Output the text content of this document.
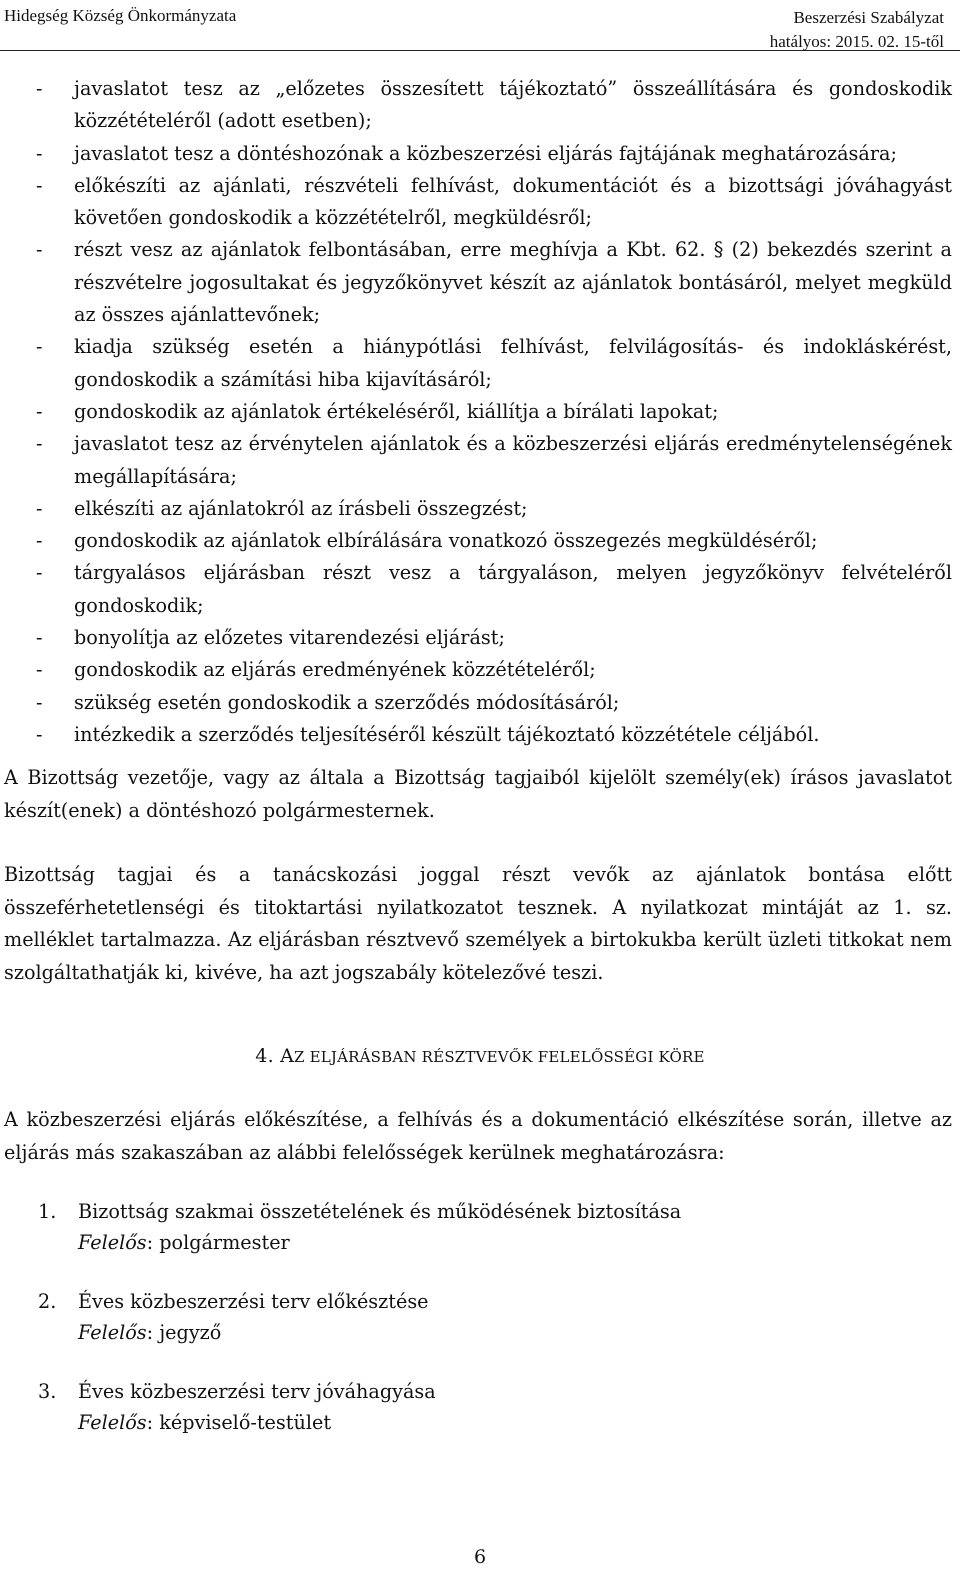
Hidegség Község Önkormányzata	Beszerzési Szabályzat
hatályos: 2015. 02. 15-től
- javaslatot tesz az „előzetes összesített tájékoztató” összeállítására és gondoskodik közzétételéről (adott esetben);
- javaslatot tesz a döntéshozónak a közbeszerzési eljárás fajtájának meghatározására;
- előkészíti az ajánlati, részvételi felhívást, dokumentációt és a bizottsági jóváhagyást követően gondoskodik a közzétételről, megküldésről;
- részt vesz az ajánlatok felbontásában, erre meghívja a Kbt. 62. § (2) bekezdés szerint a részvételre jogosultakat és jegyzőkönyvet készít az ajánlatok bontásáról, melyet megküld az összes ajánlattevőnek;
- kiadja szükség esetén a hiánypótlási felhívást, felvilágosítás- és indokláskérést, gondoskodik a számítási hiba kijavításáról;
- gondoskodik az ajánlatok értékeléséről, kiállítja a bírálati lapokat;
- javaslatot tesz az érvénytelen ajánlatok és a közbeszerzési eljárás eredménytelenségének megállapítására;
- elkészíti az ajánlatokról az írásbeli összegzést;
- gondoskodik az ajánlatok elbírálására vonatkozó összegezés megküldéséről;
- tárgyalásos eljárásban részt vesz a tárgyaláson, melyen jegyzőkönyv felvételéről gondoskodik;
- bonyolítja az előzetes vitarendezési eljárást;
- gondoskodik az eljárás eredményének közzétételéről;
- szükség esetén gondoskodik a szerződés módosításáról;
- intézkedik a szerződés teljesítéséről készült tájékoztató közzététele céljából.

A Bizottság vezetője, vagy az általa a Bizottság tagjaiból kijelölt személy(ek) írásos javaslatot készít(enek) a döntéshozó polgármesternek.

Bizottság tagjai és a tanácskozási joggal részt vevők az ajánlatok bontása előtt összeférhetetlenségi és titoktartási nyilatkozatot tesznek. A nyilatkozat mintáját az 1. sz. melléklet tartalmazza. Az eljárásban résztvevő személyek a birtokukba került üzleti titkokat nem szolgáltathatják ki, kivéve, ha azt jogszabály kötelezővé teszi.

4. AZ ELJÁRÁSBAN RÉSZTVEVŐK FELELŐSSÉGI KÖRE

A közbeszerzési eljárás előkészítése, a felhívás és a dokumentáció elkészítése során, illetve az eljárás más szakaszában az alábbi felelősségek kerülnek meghatározásra:

1. Bizottság szakmai összetételének és működésének biztosítása
Felelős: polgármester
2. Éves közbeszerzési terv előkésztése
Felelős: jegyző
3. Éves közbeszerzési terv jóváhagyása
Felelős: képviselő-testület
6
